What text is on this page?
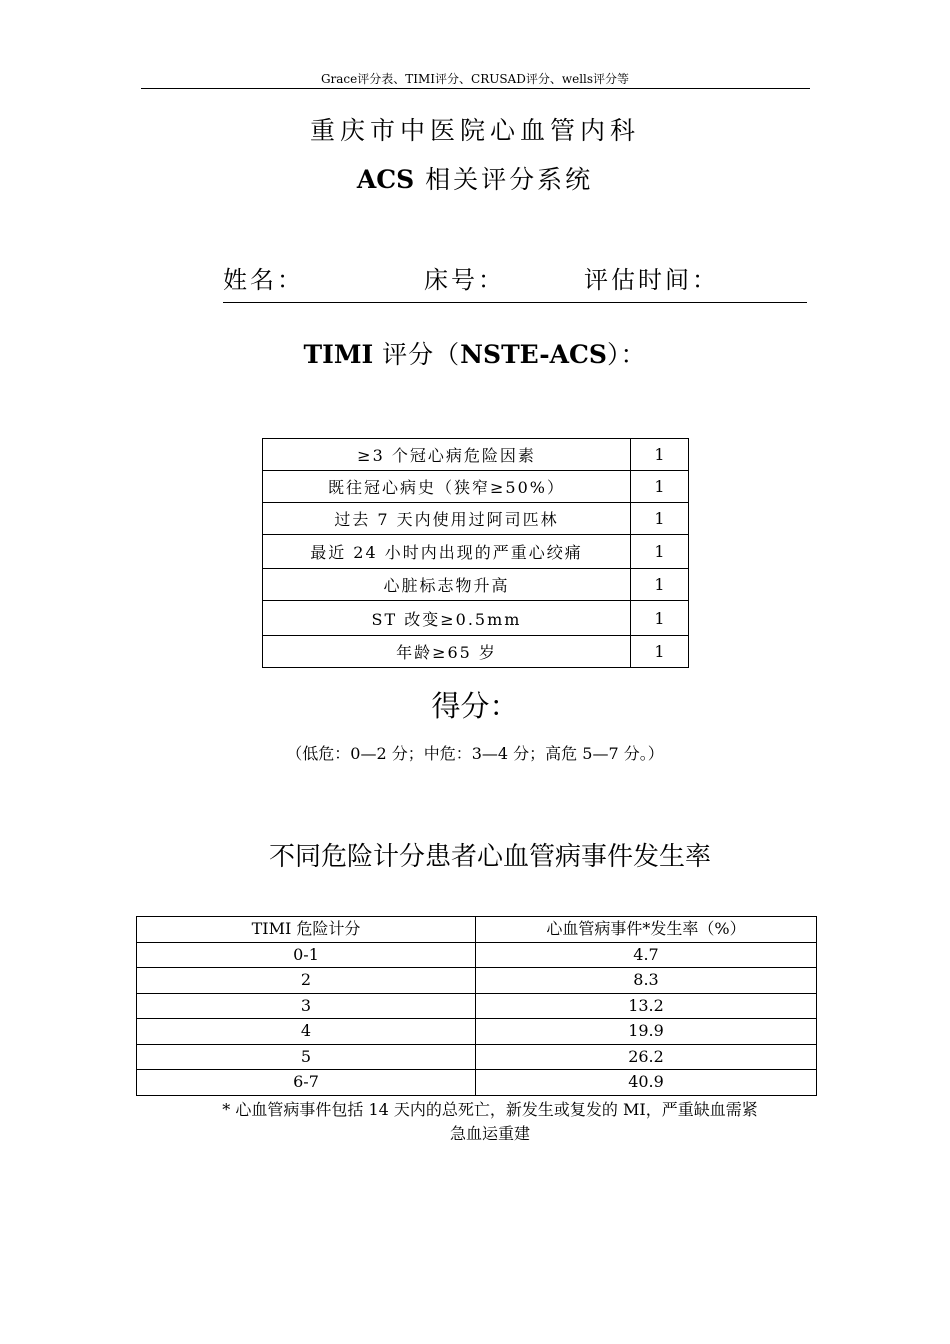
Grace评分表、TIMI评分、CRUSAD评分、wells评分等
重庆市中医院心血管内科
ACS 相关评分系统
姓名：	床号：	评估时间：
TIMI 评分（NSTE-ACS）：
≥3 个冠心病危险因素	1
既往冠心病史（狭窄≥50%）	1
过去 7 天内使用过阿司匹林	1
最近 24 小时内出现的严重心绞痛	1
心脏标志物升高	1
ST 改变≥0.5mm	1
年龄≥65 岁	1
得分：
（低危：0—2 分；中危：3—4 分；高危 5—7 分。）
不同危险计分患者心血管病事件发生率
TIMI 危险计分	心血管病事件*发生率（%）
0-1	4.7
2	8.3
3	13.2
4	19.9
5	26.2
6-7	40.9
* 心血管病事件包括 14 天内的总死亡，新发生或复发的 MI，严重缺血需紧
急血运重建
